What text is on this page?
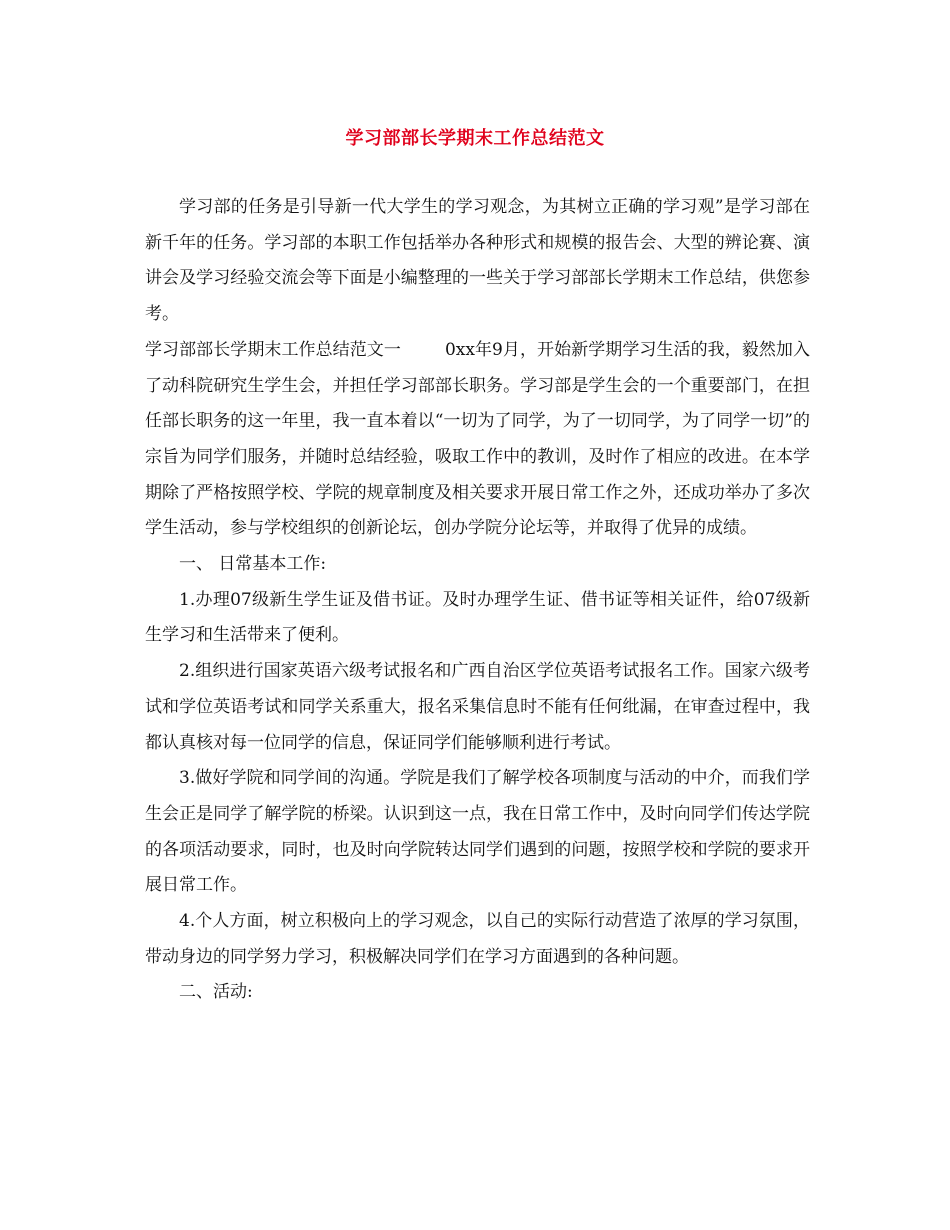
学习部部长学期末工作总结范文

学习部的任务是引导新一代大学生的学习观念，为其树立正确的学习观”是学习部在新千年的任务。学习部的本职工作包括举办各种形式和规模的报告会、大型的辨论赛、演讲会及学习经验交流会等下面是小编整理的一些关于学习部部长学期末工作总结，供您参考。

学习部部长学期末工作总结范文一	0xx年9月，开始新学期学习生活的我，毅然加入了动科院研究生学生会，并担任学习部部长职务。学习部是学生会的一个重要部门，在担任部长职务的这一年里，我一直本着以“一切为了同学，为了一切同学，为了同学一切”的宗旨为同学们服务，并随时总结经验，吸取工作中的教训，及时作了相应的改进。在本学期除了严格按照学校、学院的规章制度及相关要求开展日常工作之外，还成功举办了多次学生活动，参与学校组织的创新论坛，创办学院分论坛等，并取得了优异的成绩。

一、 日常基本工作:

1.办理07级新生学生证及借书证。及时办理学生证、借书证等相关证件，给07级新生学习和生活带来了便利。

2.组织进行国家英语六级考试报名和广西自治区学位英语考试报名工作。国家六级考试和学位英语考试和同学关系重大，报名采集信息时不能有任何纰漏，在审查过程中，我都认真核对每一位同学的信息，保证同学们能够顺利进行考试。

3.做好学院和同学间的沟通。学院是我们了解学校各项制度与活动的中介，而我们学生会正是同学了解学院的桥梁。认识到这一点，我在日常工作中，及时向同学们传达学院的各项活动要求，同时，也及时向学院转达同学们遇到的问题，按照学校和学院的要求开展日常工作。

4.个人方面，树立积极向上的学习观念，以自己的实际行动营造了浓厚的学习氛围，带动身边的同学努力学习，积极解决同学们在学习方面遇到的各种问题。

二、活动:
